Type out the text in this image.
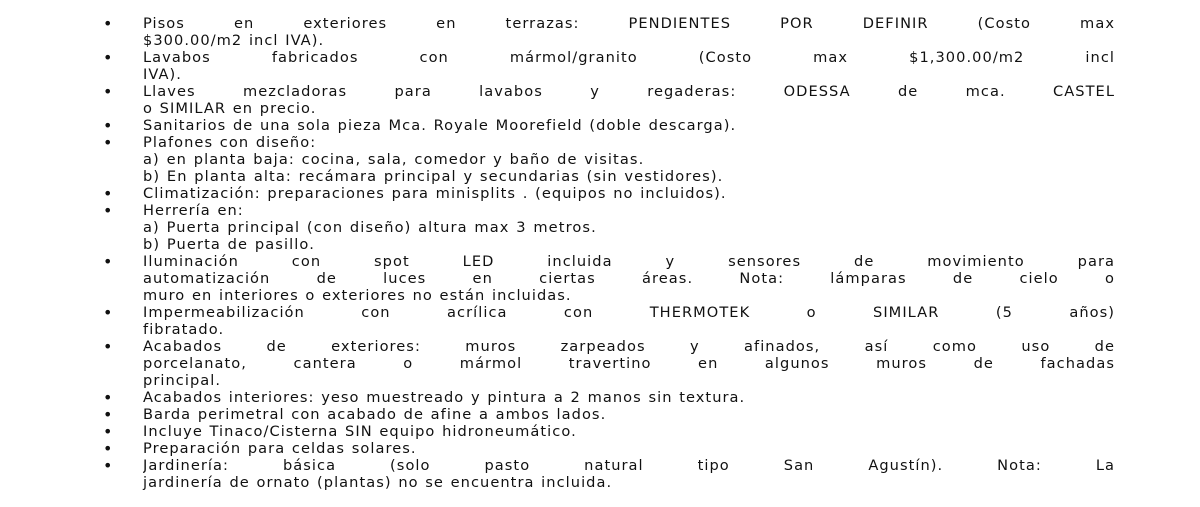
• Pisos en exteriores en terrazas: PENDIENTES POR DEFINIR (Costo max
$300.00/m2 incl IVA).
• Lavabos fabricados con mármol/granito (Costo max $1,300.00/m2 incl
IVA).
• Llaves mezcladoras para lavabos y regaderas: ODESSA de mca. CASTEL
o SIMILAR en precio.
• Sanitarios de una sola pieza Mca. Royale Moorefield (doble descarga).
• Plafones con diseño:
a) en planta baja: cocina, sala, comedor y baño de visitas.
b) En planta alta: recámara principal y secundarias (sin vestidores).
• Climatización: preparaciones para minisplits . (equipos no incluidos).
• Herrería en:
a) Puerta principal (con diseño) altura max 3 metros.
b) Puerta de pasillo.
• Iluminación con spot LED incluida y sensores de movimiento para
automatización de luces en ciertas áreas. Nota: lámparas de cielo o
muro en interiores o exteriores no están incluidas.
• Impermeabilización con acrílica con THERMOTEK o SIMILAR (5 años)
fibratado.
• Acabados de exteriores: muros zarpeados y afinados, así como uso de
porcelanato, cantera o mármol travertino en algunos muros de fachadas
principal.
• Acabados interiores: yeso muestreado y pintura a 2 manos sin textura.
• Barda perimetral con acabado de afine a ambos lados.
• Incluye Tinaco/Cisterna SIN equipo hidroneumático.
• Preparación para celdas solares.
• Jardinería: básica (solo pasto natural tipo San Agustín). Nota: La
jardinería de ornato (plantas) no se encuentra incluida.
